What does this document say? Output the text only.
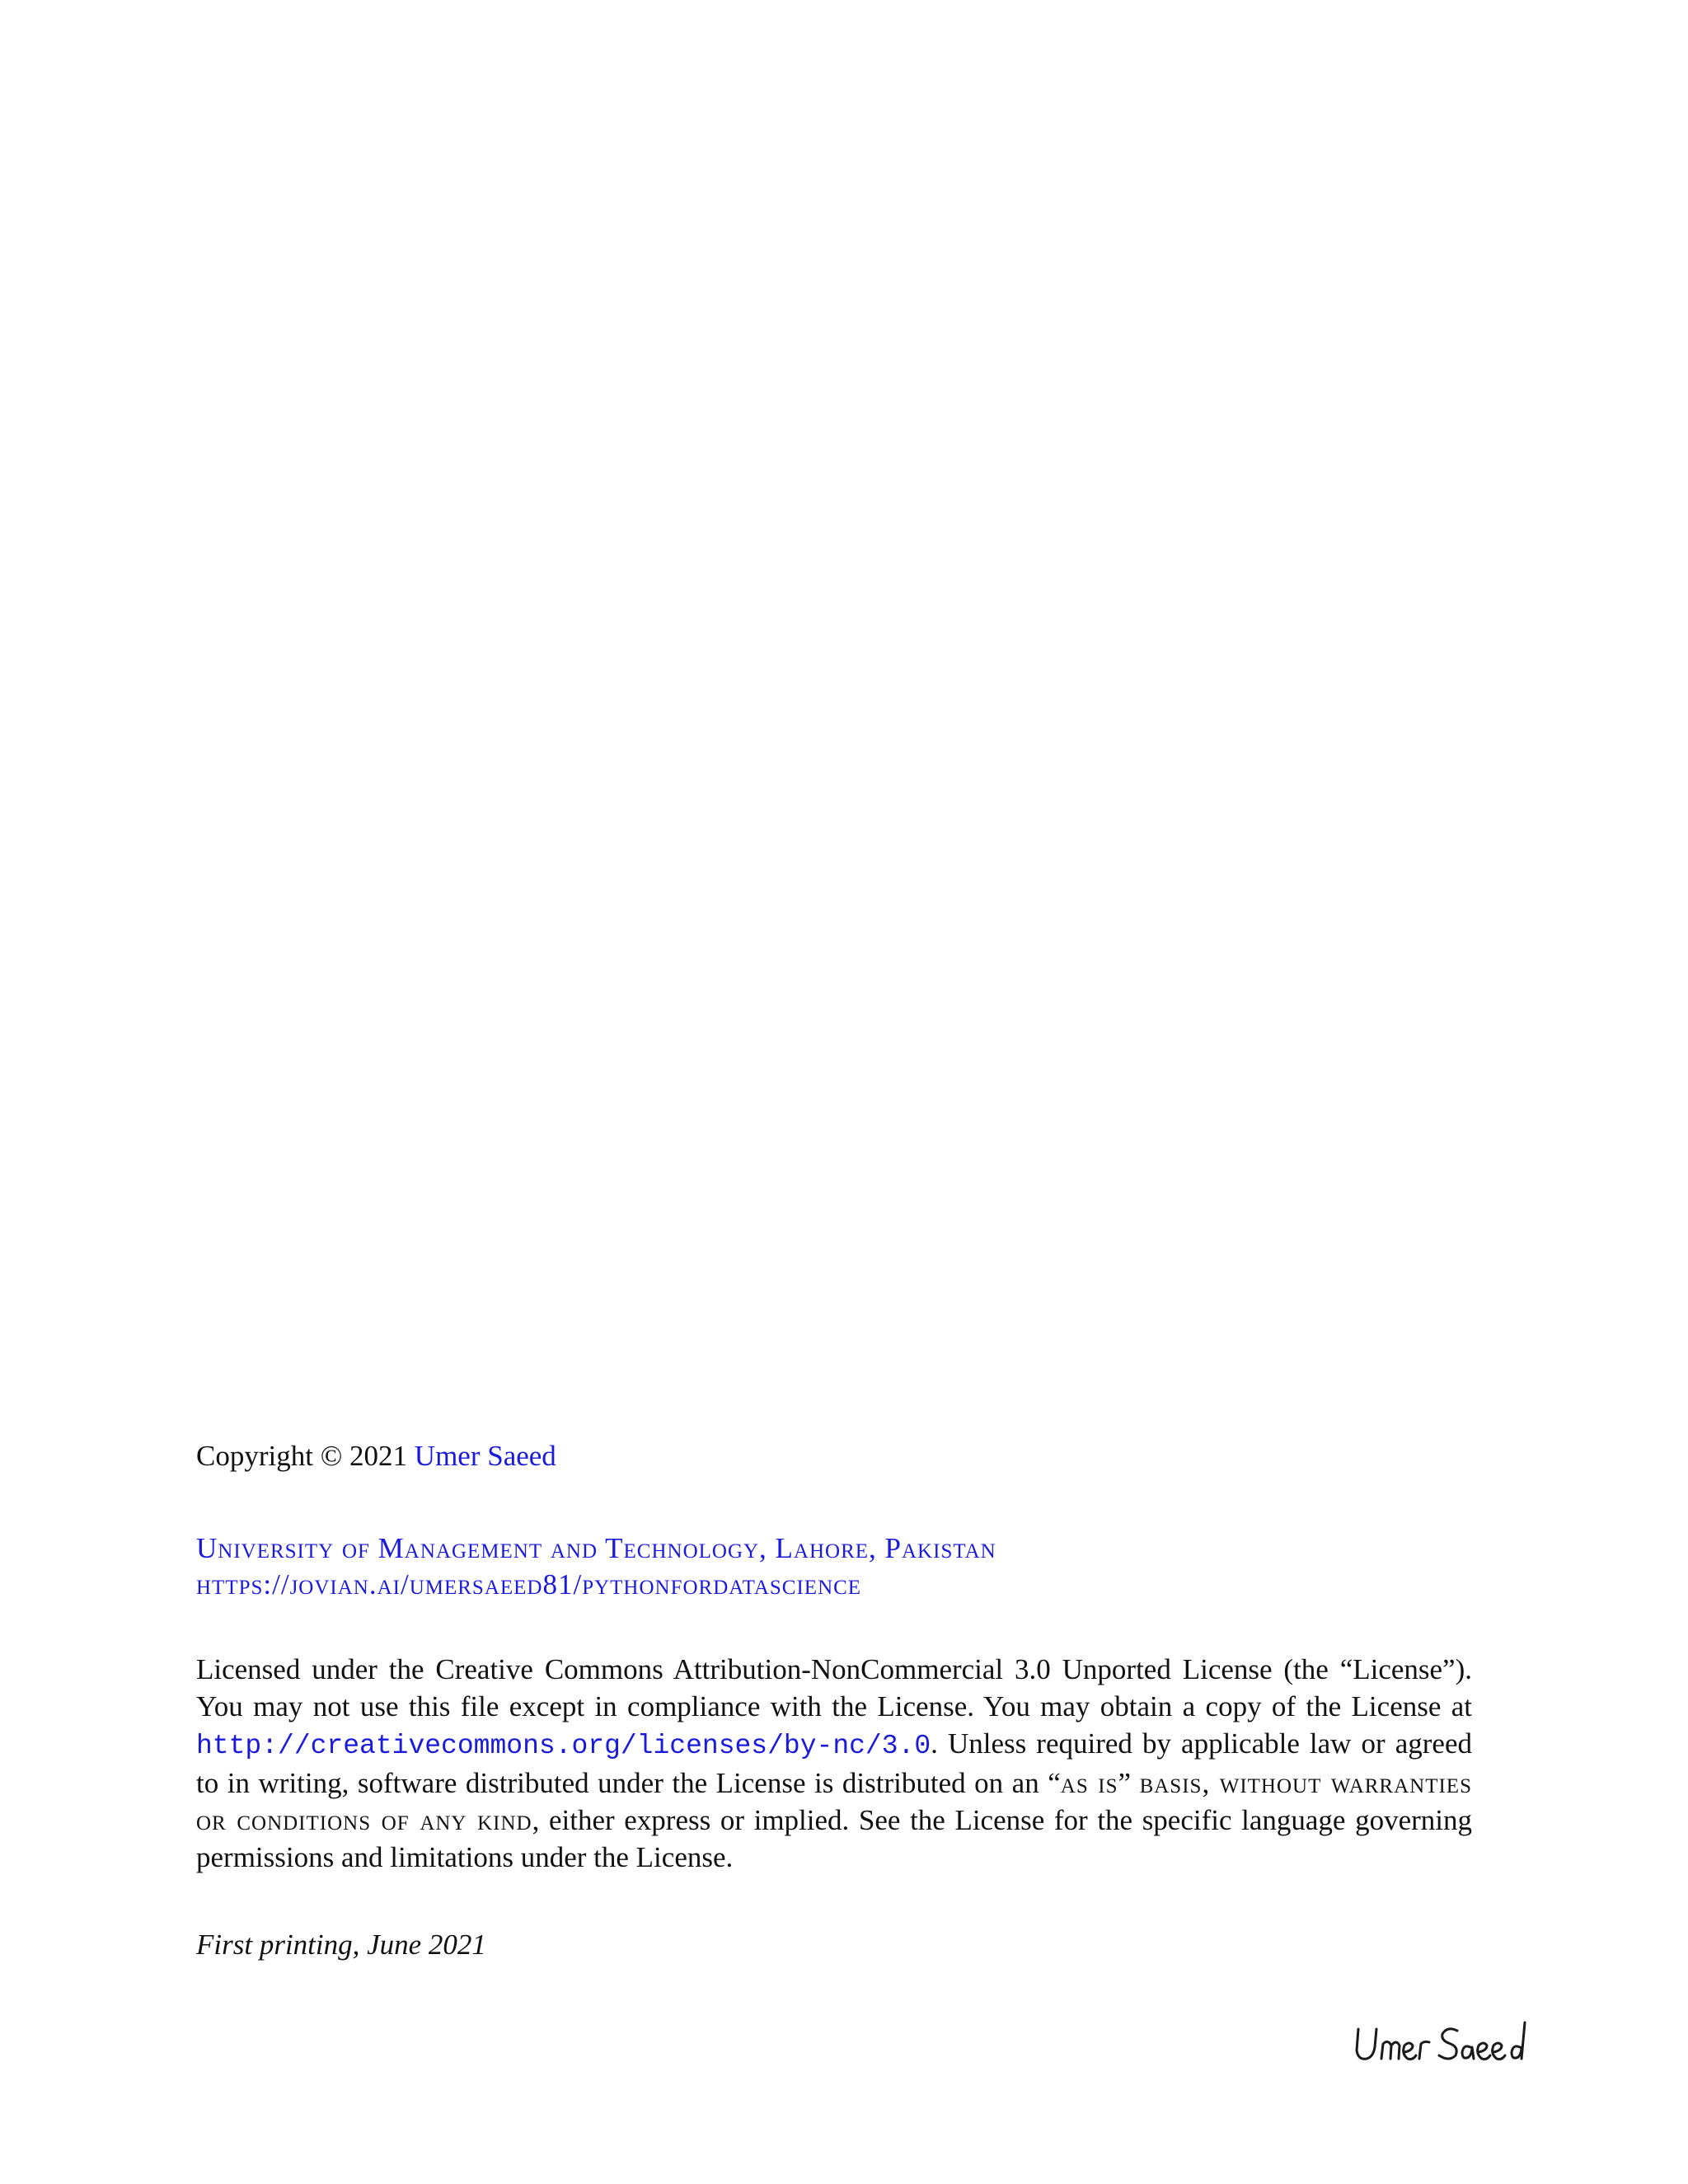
Copyright © 2021 Umer Saeed

University of Management and Technology, Lahore, Pakistan
https://jovian.ai/umersaeed81/pythonfordatascience
Licensed under the Creative Commons Attribution-NonCommercial 3.0 Unported License (the “License”). You may not use this file except in compliance with the License. You may obtain a copy of the License at http://creativecommons.org/licenses/by-nc/3.0. Unless required by applicable law or agreed to in writing, software distributed under the License is distributed on an “as is” basis, without warranties or conditions of any kind, either express or implied. See the License for the specific language governing permissions and limitations under the License.
First printing, June 2021
